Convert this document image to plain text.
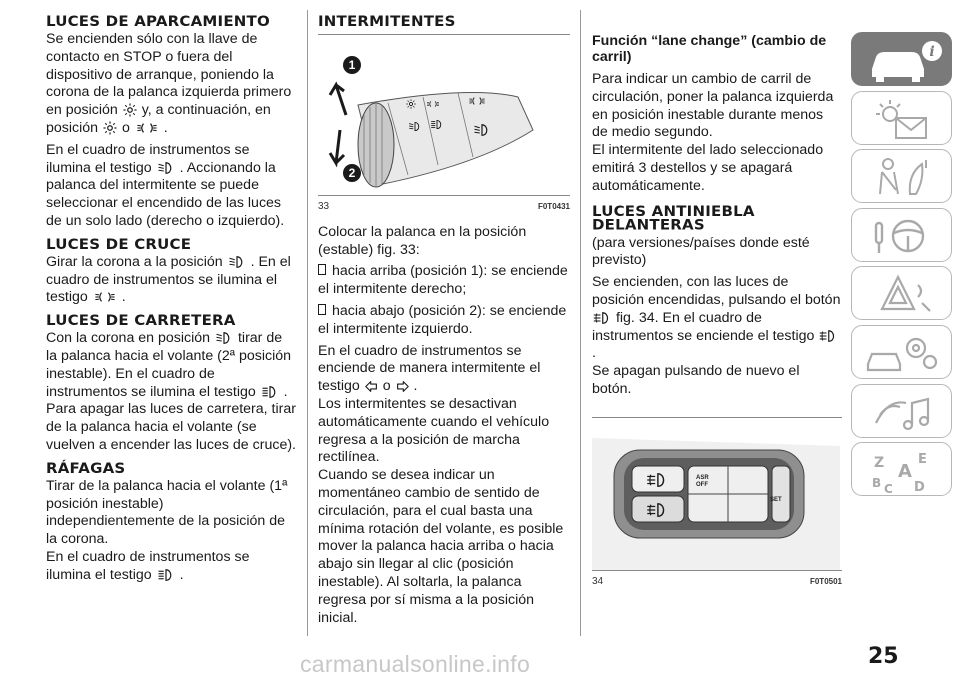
LUCES DE APARCAMIENTO

Se encienden sólo con la llave de contacto en STOP o fuera del dispositivo de arranque, poniendo la corona de la palanca izquierda primero en posición y, a continuación, en posición o .

En el cuadro de instrumentos se ilumina el testigo . Accionando la palanca del intermitente se puede seleccionar el encendido de las luces de un solo lado (derecho o izquierdo).

LUCES DE CRUCE

Girar la corona a la posición . En el cuadro de instrumentos se ilumina el testigo .

LUCES DE CARRETERA

Con la corona en posición tirar de la palanca hacia el volante (2ª posición inestable). En el cuadro de instrumentos se ilumina el testigo .
Para apagar las luces de carretera, tirar de la palanca hacia el volante (se vuelven a encender las luces de cruce).

RÁFAGAS

Tirar de la palanca hacia el volante (1ª posición inestable) independientemente de la posición de la corona.
En el cuadro de instrumentos se ilumina el testigo .

INTERMITENTES
1
2
33	F0T0431

Colocar la palanca en la posición (estable) fig. 33:

hacia arriba (posición 1): se enciende el intermitente derecho;

hacia abajo (posición 2): se enciende el intermitente izquierdo.

En el cuadro de instrumentos se enciende de manera intermitente el testigo o .
Los intermitentes se desactivan automáticamente cuando el vehículo regresa a la posición de marcha rectilínea.
Cuando se desea indicar un momentáneo cambio de sentido de circulación, para el cual basta una mínima rotación del volante, es posible mover la palanca hacia arriba o hacia abajo sin llegar al clic (posición inestable). Al soltarla, la palanca regresa por sí misma a la posición inicial.

Función “lane change” (cambio de carril)

Para indicar un cambio de carril de circulación, poner la palanca izquierda en posición inestable durante menos de medio segundo.
El intermitente del lado seleccionado emitirá 3 destellos y se apagará automáticamente.

LUCES ANTINIEBLA DELANTERAS

(para versiones/países donde esté previsto)

Se encienden, con las luces de posición encendidas, pulsando el botón  fig. 34. En el cuadro de instrumentos se enciende el testigo  .
Se apagan pulsando de nuevo el botón.

ASR
OFF
SET
34	F0T0501
i
Z	E
A
B C D
25
carmanualsonline.info
